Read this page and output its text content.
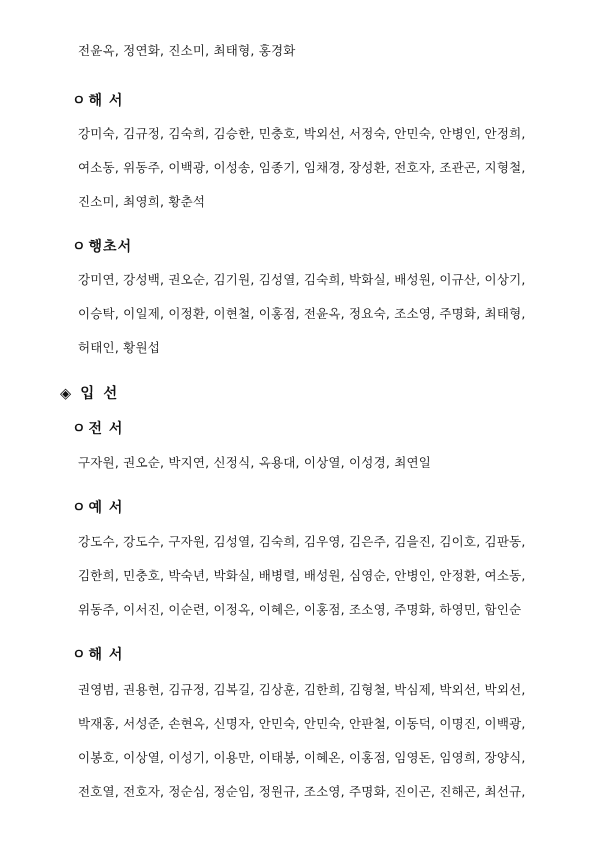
전윤옥, 정연화, 진소미, 최태형, 홍경화
ㅇ 해 서
강미숙, 김규정, 김숙희, 김승한, 민충호, 박외선, 서정숙, 안민숙, 안병인, 안정희,
여소동, 위동주, 이백광, 이성송, 임종기, 임채경, 장성환, 전호자, 조관곤, 지형철,
진소미, 최영희, 황춘석
ㅇ 행초서
강미연, 강성백, 권오순, 김기원, 김성열, 김숙희, 박화실, 배성원, 이규산, 이상기,
이승탁, 이일제, 이정환, 이현철, 이홍점, 전윤옥, 정요숙, 조소영, 주명화, 최태형,
허태인, 황원섭
◈ 입 선
ㅇ 전 서
구자원, 권오순, 박지연, 신정식, 옥용대, 이상열, 이성경, 최연일
ㅇ 예 서
강도수, 강도수, 구자원, 김성열, 김숙희, 김우영, 김은주, 김을진, 김이호, 김판동,
김한희, 민충호, 박숙년, 박화실, 배병렬, 배성원, 심영순, 안병인, 안정환, 여소동,
위동주, 이서진, 이순련, 이정옥, 이혜은, 이홍점, 조소영, 주명화, 하영민, 함인순
ㅇ 해 서
권영범, 권용현, 김규정, 김복길, 김상훈, 김한희, 김형철, 박심제, 박외선, 박외선,
박재홍, 서성준, 손현옥, 신명자, 안민숙, 안민숙, 안판철, 이동덕, 이명진, 이백광,
이봉호, 이상열, 이성기, 이용만, 이태봉, 이혜온, 이홍점, 임영돈, 임영희, 장양식,
전호열, 전호자, 정순심, 정순임, 정원규, 조소영, 주명화, 진이곤, 진해곤, 최선규,
